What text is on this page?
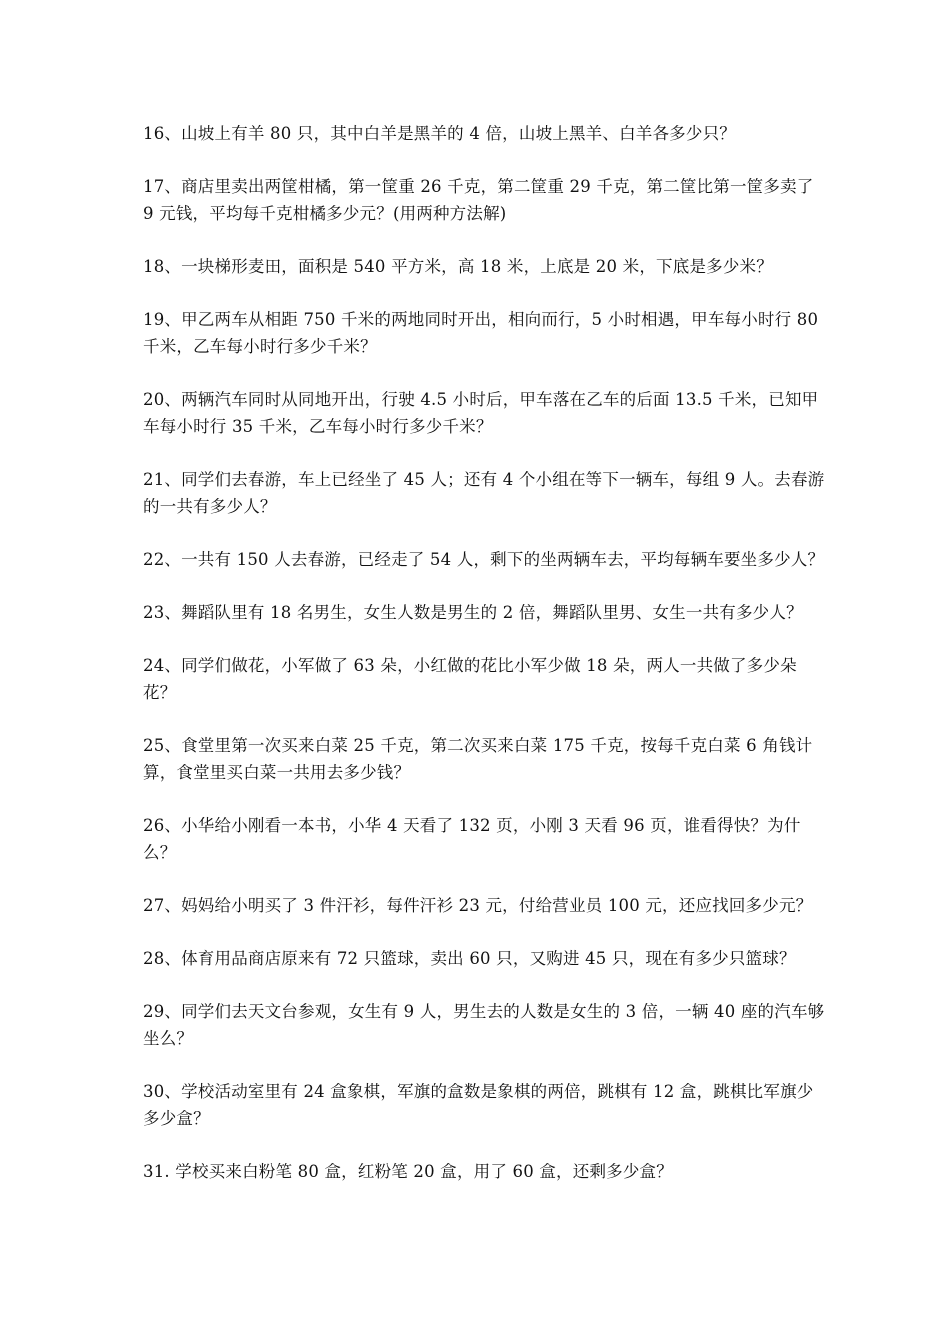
16、山坡上有羊 80 只，其中白羊是黑羊的 4 倍，山坡上黑羊、白羊各多少只？

17、商店里卖出两筐柑橘，第一筐重 26 千克，第二筐重 29 千克，第二筐比第一筐多卖了 9 元钱，平均每千克柑橘多少元？(用两种方法解)

18、一块梯形麦田，面积是 540 平方米，高 18 米，上底是 20 米，下底是多少米？

19、甲乙两车从相距 750 千米的两地同时开出，相向而行，5 小时相遇，甲车每小时行 80 千米，乙车每小时行多少千米？

20、两辆汽车同时从同地开出，行驶 4.5 小时后，甲车落在乙车的后面 13.5 千米，已知甲车每小时行 35 千米，乙车每小时行多少千米？

21、同学们去春游，车上已经坐了 45 人；还有 4 个小组在等下一辆车，每组 9 人。去春游的一共有多少人？

22、一共有 150 人去春游，已经走了 54 人，剩下的坐两辆车去，平均每辆车要坐多少人？

23、舞蹈队里有 18 名男生，女生人数是男生的 2 倍，舞蹈队里男、女生一共有多少人？

24、同学们做花，小军做了 63 朵，小红做的花比小军少做 18 朵，两人一共做了多少朵花？

25、食堂里第一次买来白菜 25 千克，第二次买来白菜 175 千克，按每千克白菜 6 角钱计算，食堂里买白菜一共用去多少钱？

26、小华给小刚看一本书，小华 4 天看了 132 页，小刚 3 天看 96 页，谁看得快？为什么？

27、妈妈给小明买了 3 件汗衫，每件汗衫 23 元，付给营业员 100 元，还应找回多少元？

28、体育用品商店原来有 72 只篮球，卖出 60 只，又购进 45 只，现在有多少只篮球？

29、同学们去天文台参观，女生有 9 人，男生去的人数是女生的 3 倍，一辆 40 座的汽车够坐么？

30、学校活动室里有 24 盒象棋，军旗的盒数是象棋的两倍，跳棋有 12 盒，跳棋比军旗少多少盒？

31. 学校买来白粉笔 80 盒，红粉笔 20 盒，用了 60 盒，还剩多少盒？
